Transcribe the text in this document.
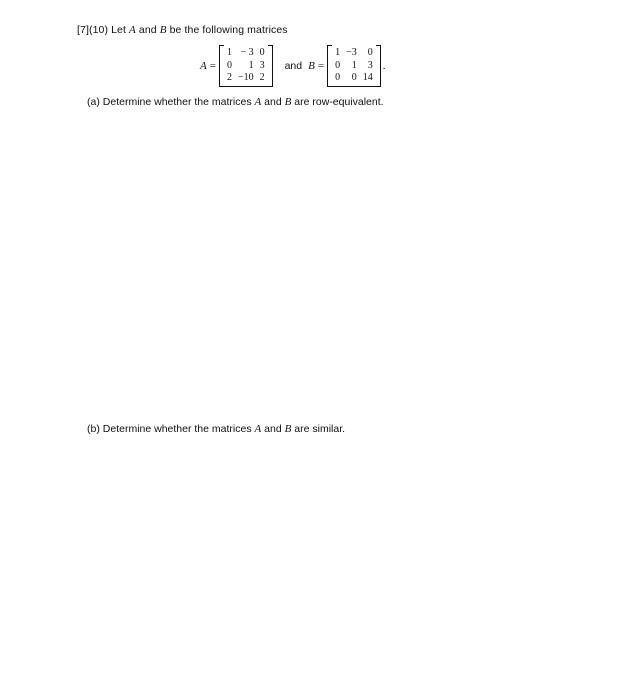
[7](10) Let A and B be the following matrices
A =
1	− 3	0
0	1	3
2	−10	2
and B =
1	−3	0
0	1	3
0	0	14
.
(a) Determine whether the matrices A and B are row-equivalent.
(b) Determine whether the matrices A and B are similar.
